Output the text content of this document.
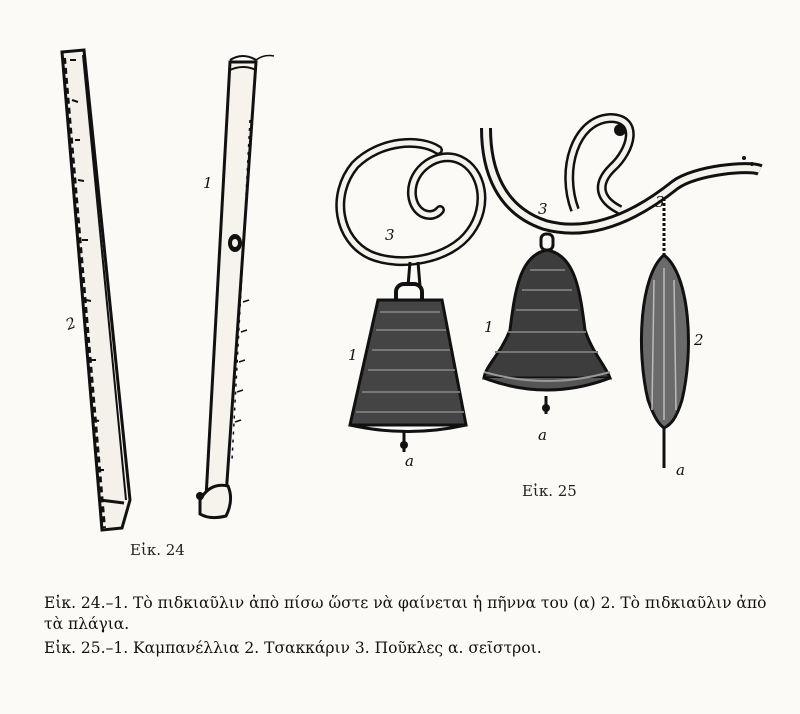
2
1
3
1
a
3
1
a
3
2
a
Εἰκ. 24
Εἰκ. 25
Εἰκ. 24.–1. Τὸ πιδκιαῦλιν ἀπὸ πίσω ὥστε νὰ φαίνεται ἡ πῆννα του (α) 2. Τὸ πιδκιαῦλιν ἀπὸ τὰ πλάγια.
Εἰκ. 25.–1. Καμπανέλλια 2. Τσακκάριν 3. Ποῦκλες α. σεῖστροι.
